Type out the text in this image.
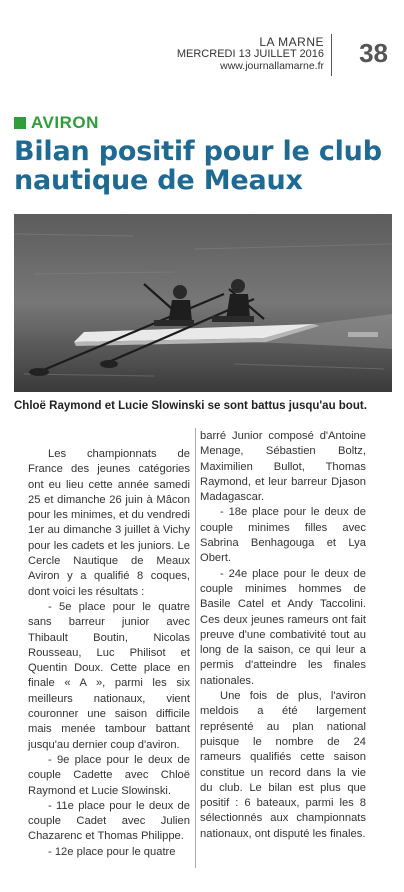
LA MARNE
MERCREDI 13 JUILLET 2016
www.journallamarne.fr 38
AVIRON
Bilan positif pour le club nautique de Meaux

Chloë Raymond et Lucie Slowinski se sont battus jusqu'au bout.

Les championnats de France des jeunes catégories ont eu lieu cette année samedi 25 et dimanche 26 juin à Mâcon pour les minimes, et du vendredi 1er au dimanche 3 juillet à Vichy pour les cadets et les juniors. Le Cercle Nautique de Meaux Aviron y a qualifié 8 coques, dont voici les résultats :

- 5e place pour le quatre sans barreur junior avec Thibault Boutin, Nicolas Rousseau, Luc Philisot et Quentin Doux. Cette place en finale « A », parmi les six meilleurs nationaux, vient couronner une saison difficile mais menée tambour battant jusqu'au dernier coup d'aviron.

- 9e place pour le deux de couple Cadette avec Chloë Raymond et Lucie Slowinski.

- 11e place pour le deux de couple Cadet avec Julien Chazarenc et Thomas Philippe.

- 12e place pour le quatre

barré Junior composé d'Antoine Menage, Sébastien Boltz, Maximilien Bullot, Thomas Raymond, et leur barreur Djason Madagascar.

- 18e place pour le deux de couple minimes filles avec Sabrina Benhagouga et Lya Obert.

- 24e place pour le deux de couple minimes hommes de Basile Catel et Andy Taccolini. Ces deux jeunes rameurs ont fait preuve d'une combativité tout au long de la saison, ce qui leur a permis d'atteindre les finales nationales.

Une fois de plus, l'aviron meldois a été largement représenté au plan national puisque le nombre de 24 rameurs qualifiés cette saison constitue un record dans la vie du club. Le bilan est plus que positif : 6 bateaux, parmi les 8 sélectionnés aux championnats nationaux, ont disputé les finales.
